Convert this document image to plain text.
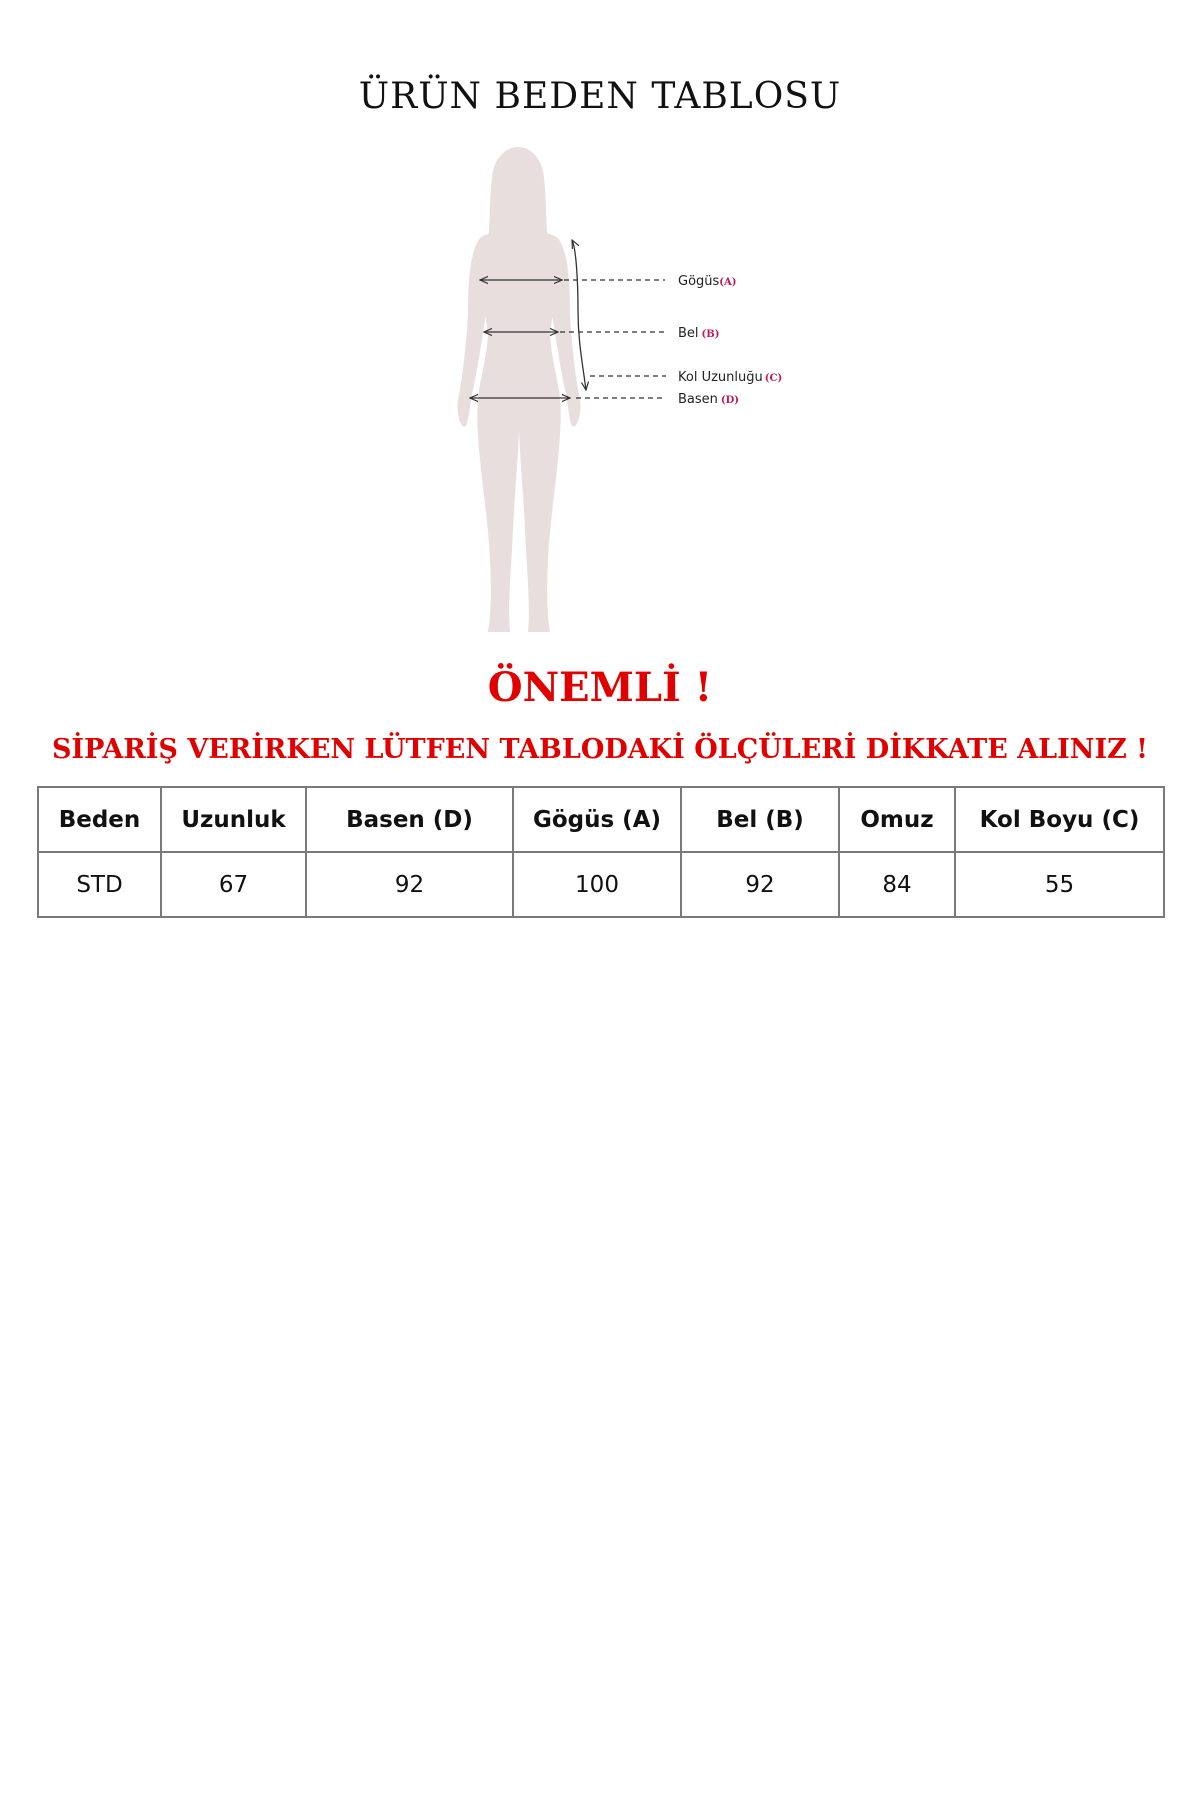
ÜRÜN BEDEN TABLOSU
Gögüs(A)
Bel (B)
Kol Uzunluğu (C)
Basen (D)
ÖNEMLİ !
SİPARİŞ VERİRKEN LÜTFEN TABLODAKİ ÖLÇÜLERİ DİKKATE ALINIZ !
Beden	Uzunluk	Basen (D)	Gögüs (A)	Bel (B)	Omuz	Kol Boyu (C)
STD	67	92	100	92	84	55
